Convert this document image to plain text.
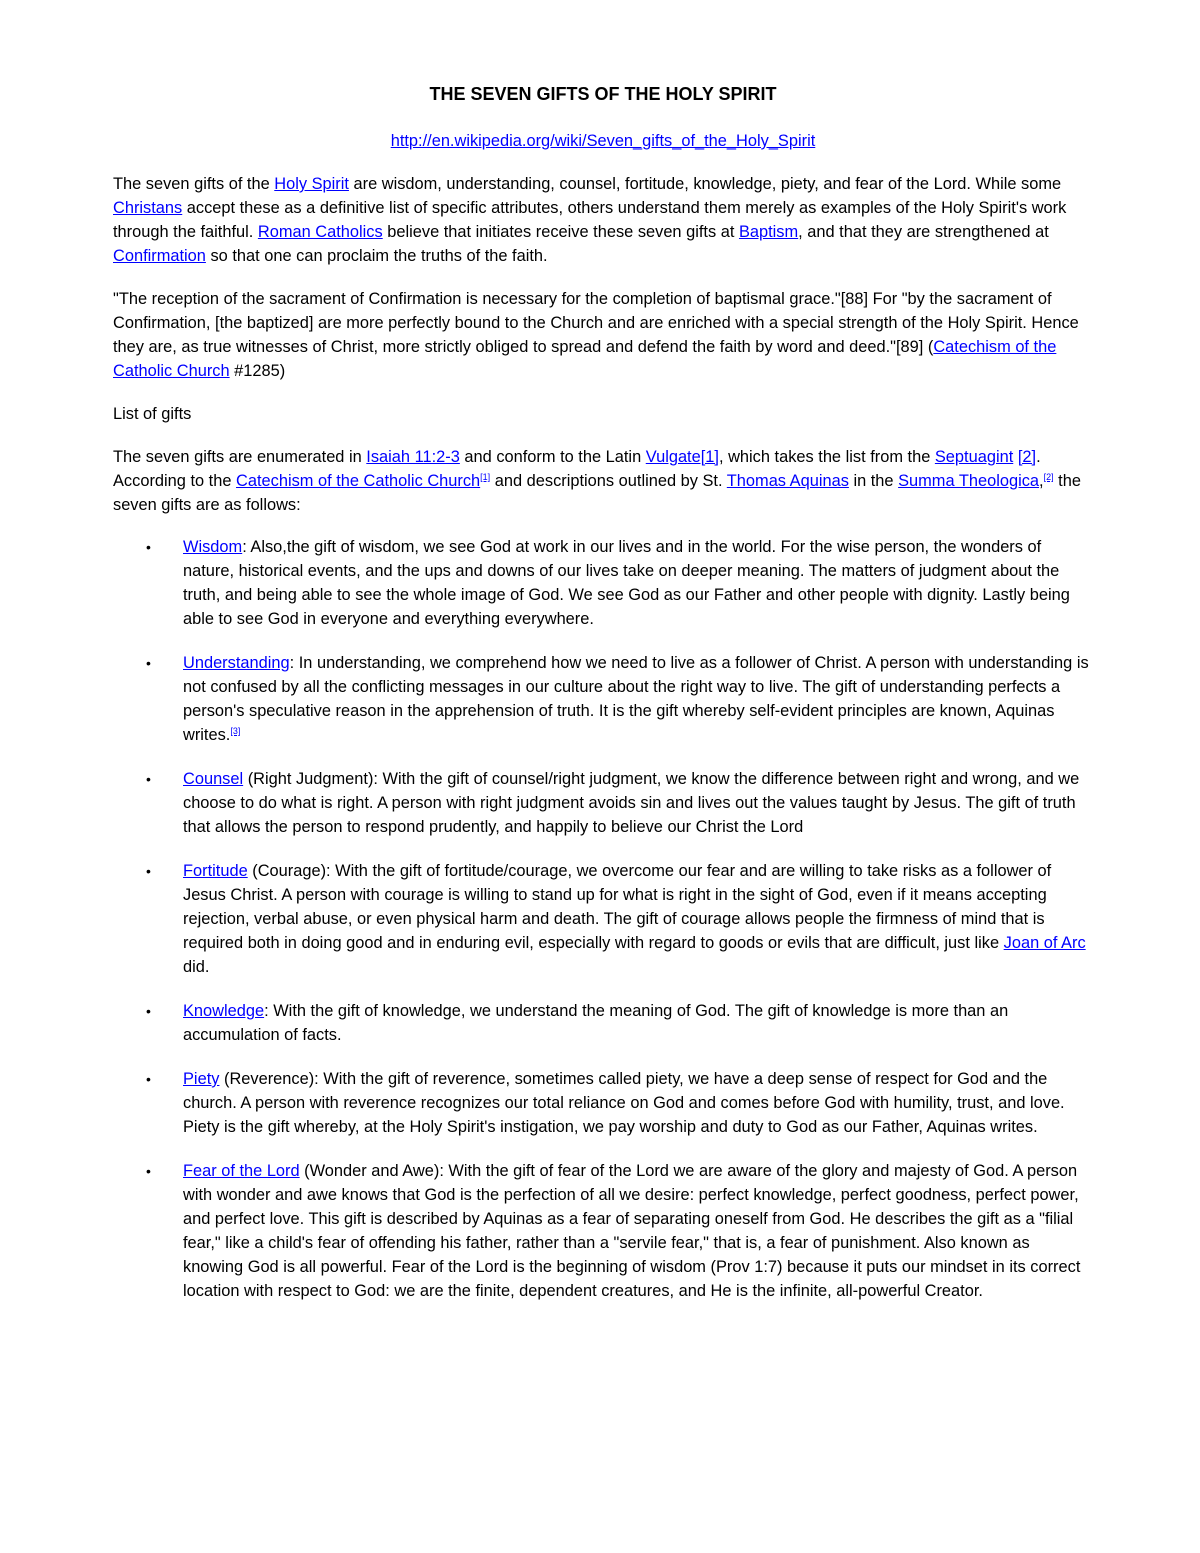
THE SEVEN GIFTS OF THE HOLY SPIRIT

http://en.wikipedia.org/wiki/Seven_gifts_of_the_Holy_Spirit

The seven gifts of the Holy Spirit are wisdom, understanding, counsel, fortitude, knowledge, piety, and fear of the Lord. While some Christans accept these as a definitive list of specific attributes, others understand them merely as examples of the Holy Spirit's work through the faithful. Roman Catholics believe that initiates receive these seven gifts at Baptism, and that they are strengthened at Confirmation so that one can proclaim the truths of the faith.

"The reception of the sacrament of Confirmation is necessary for the completion of baptismal grace."[88] For "by the sacrament of Confirmation, [the baptized] are more perfectly bound to the Church and are enriched with a special strength of the Holy Spirit. Hence they are, as true witnesses of Christ, more strictly obliged to spread and defend the faith by word and deed."[89] (Catechism of the Catholic Church #1285)

List of gifts

The seven gifts are enumerated in Isaiah 11:2-3 and conform to the Latin Vulgate[1], which takes the list from the Septuagint [2]. According to the Catechism of the Catholic Church[1] and descriptions outlined by St. Thomas Aquinas in the Summa Theologica,[2] the seven gifts are as follows:

• Wisdom: Also,the gift of wisdom, we see God at work in our lives and in the world. For the wise person, the wonders of nature, historical events, and the ups and downs of our lives take on deeper meaning. The matters of judgment about the truth, and being able to see the whole image of God. We see God as our Father and other people with dignity. Lastly being able to see God in everyone and everything everywhere.
• Understanding: In understanding, we comprehend how we need to live as a follower of Christ. A person with understanding is not confused by all the conflicting messages in our culture about the right way to live. The gift of understanding perfects a person's speculative reason in the apprehension of truth. It is the gift whereby self-evident principles are known, Aquinas writes.[3]
• Counsel (Right Judgment): With the gift of counsel/right judgment, we know the difference between right and wrong, and we choose to do what is right. A person with right judgment avoids sin and lives out the values taught by Jesus. The gift of truth that allows the person to respond prudently, and happily to believe our Christ the Lord
• Fortitude (Courage): With the gift of fortitude/courage, we overcome our fear and are willing to take risks as a follower of Jesus Christ. A person with courage is willing to stand up for what is right in the sight of God, even if it means accepting rejection, verbal abuse, or even physical harm and death. The gift of courage allows people the firmness of mind that is required both in doing good and in enduring evil, especially with regard to goods or evils that are difficult, just like Joan of Arc did.
• Knowledge: With the gift of knowledge, we understand the meaning of God. The gift of knowledge is more than an accumulation of facts.
• Piety (Reverence): With the gift of reverence, sometimes called piety, we have a deep sense of respect for God and the church. A person with reverence recognizes our total reliance on God and comes before God with humility, trust, and love. Piety is the gift whereby, at the Holy Spirit's instigation, we pay worship and duty to God as our Father, Aquinas writes.
• Fear of the Lord (Wonder and Awe): With the gift of fear of the Lord we are aware of the glory and majesty of God. A person with wonder and awe knows that God is the perfection of all we desire: perfect knowledge, perfect goodness, perfect power, and perfect love. This gift is described by Aquinas as a fear of separating oneself from God. He describes the gift as a "filial fear," like a child's fear of offending his father, rather than a "servile fear," that is, a fear of punishment. Also known as knowing God is all powerful. Fear of the Lord is the beginning of wisdom (Prov 1:7) because it puts our mindset in its correct location with respect to God: we are the finite, dependent creatures, and He is the infinite, all-powerful Creator.
